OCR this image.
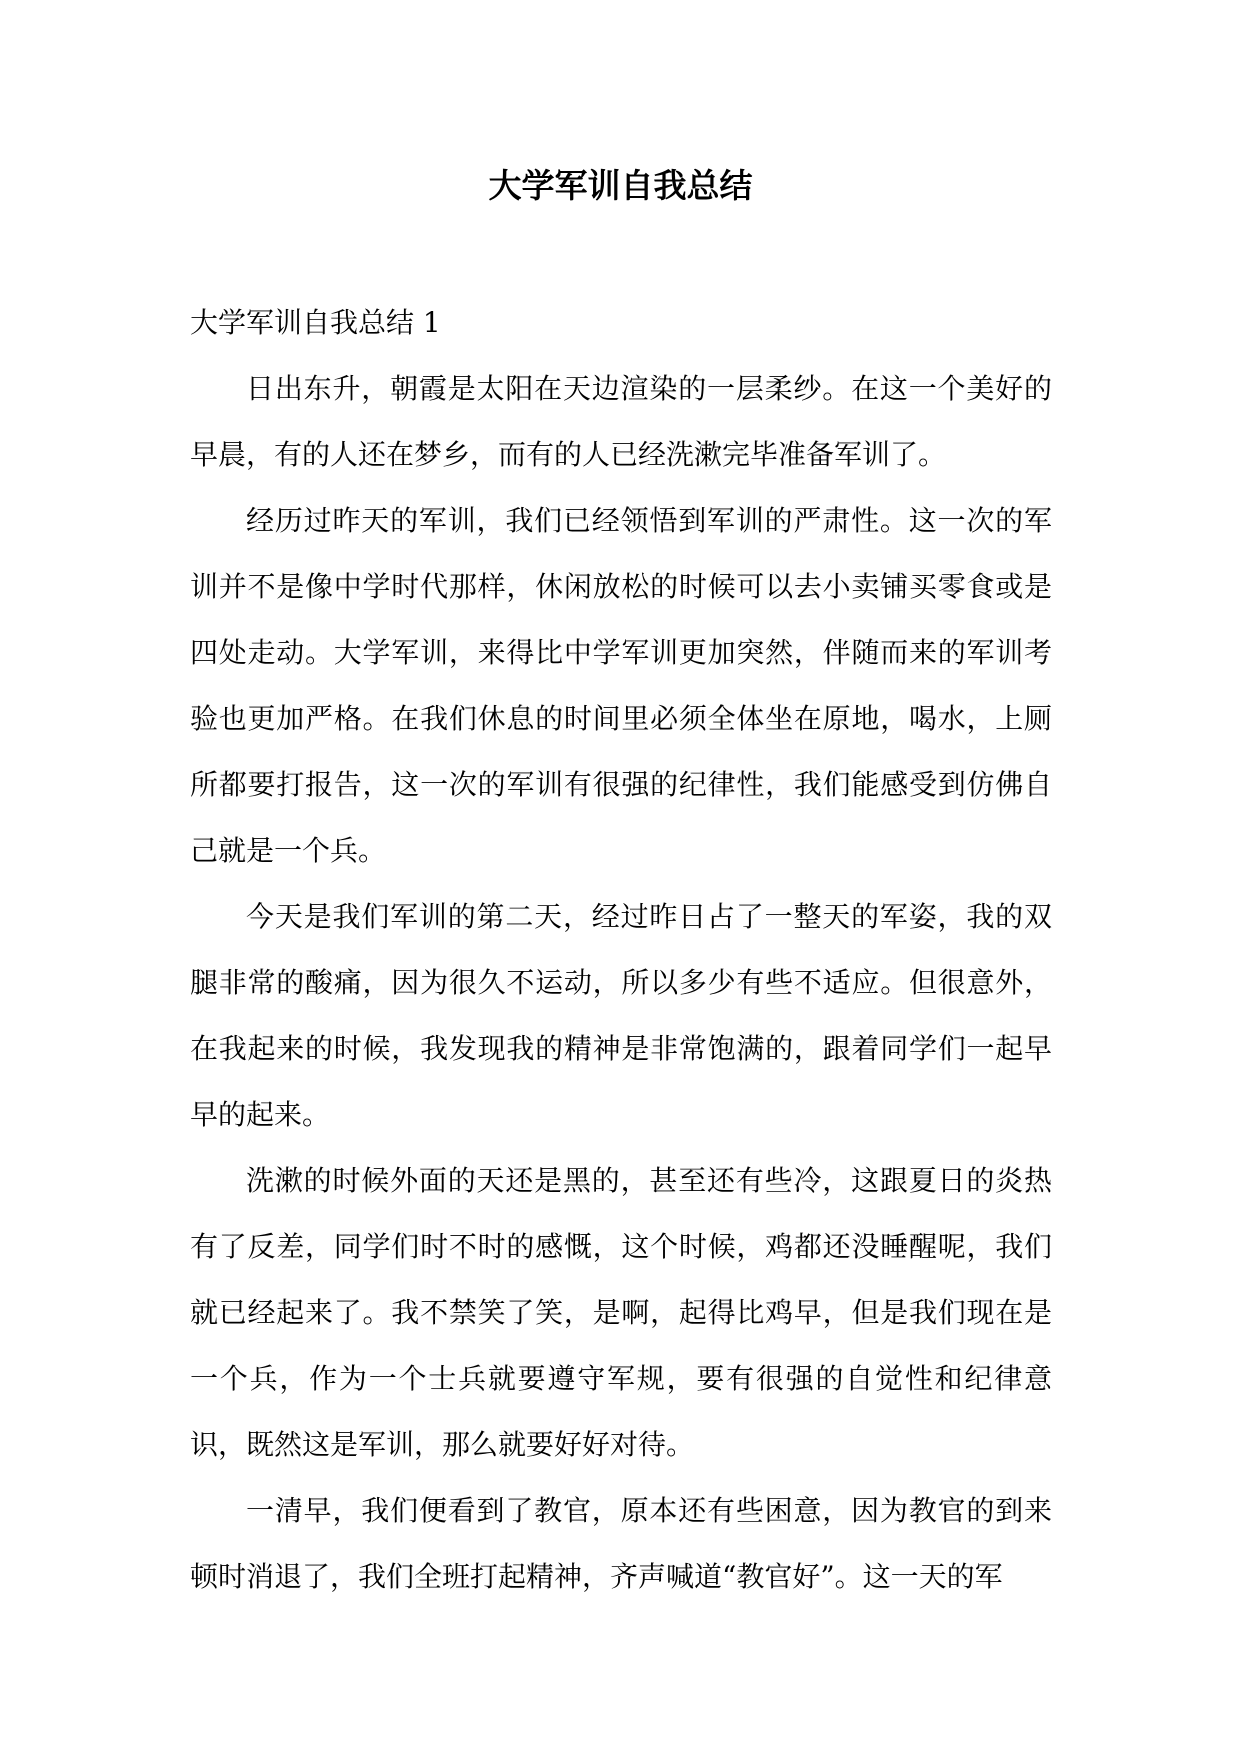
大学军训自我总结

大学军训自我总结 1

日出东升，朝霞是太阳在天边渲染的一层柔纱。在这一个美好的早晨，有的人还在梦乡，而有的人已经洗漱完毕准备军训了。

经历过昨天的军训，我们已经领悟到军训的严肃性。这一次的军训并不是像中学时代那样，休闲放松的时候可以去小卖铺买零食或是四处走动。大学军训，来得比中学军训更加突然，伴随而来的军训考验也更加严格。在我们休息的时间里必须全体坐在原地，喝水，上厕所都要打报告，这一次的军训有很强的纪律性，我们能感受到仿佛自己就是一个兵。

今天是我们军训的第二天，经过昨日占了一整天的军姿，我的双腿非常的酸痛，因为很久不运动，所以多少有些不适应。但很意外，在我起来的时候，我发现我的精神是非常饱满的，跟着同学们一起早早的起来。

洗漱的时候外面的天还是黑的，甚至还有些冷，这跟夏日的炎热有了反差，同学们时不时的感慨，这个时候，鸡都还没睡醒呢，我们就已经起来了。我不禁笑了笑，是啊，起得比鸡早，但是我们现在是一个兵，作为一个士兵就要遵守军规，要有很强的自觉性和纪律意识，既然这是军训，那么就要好好对待。

一清早，我们便看到了教官，原本还有些困意，因为教官的到来顿时消退了，我们全班打起精神，齐声喊道“教官好”。这一天的军
